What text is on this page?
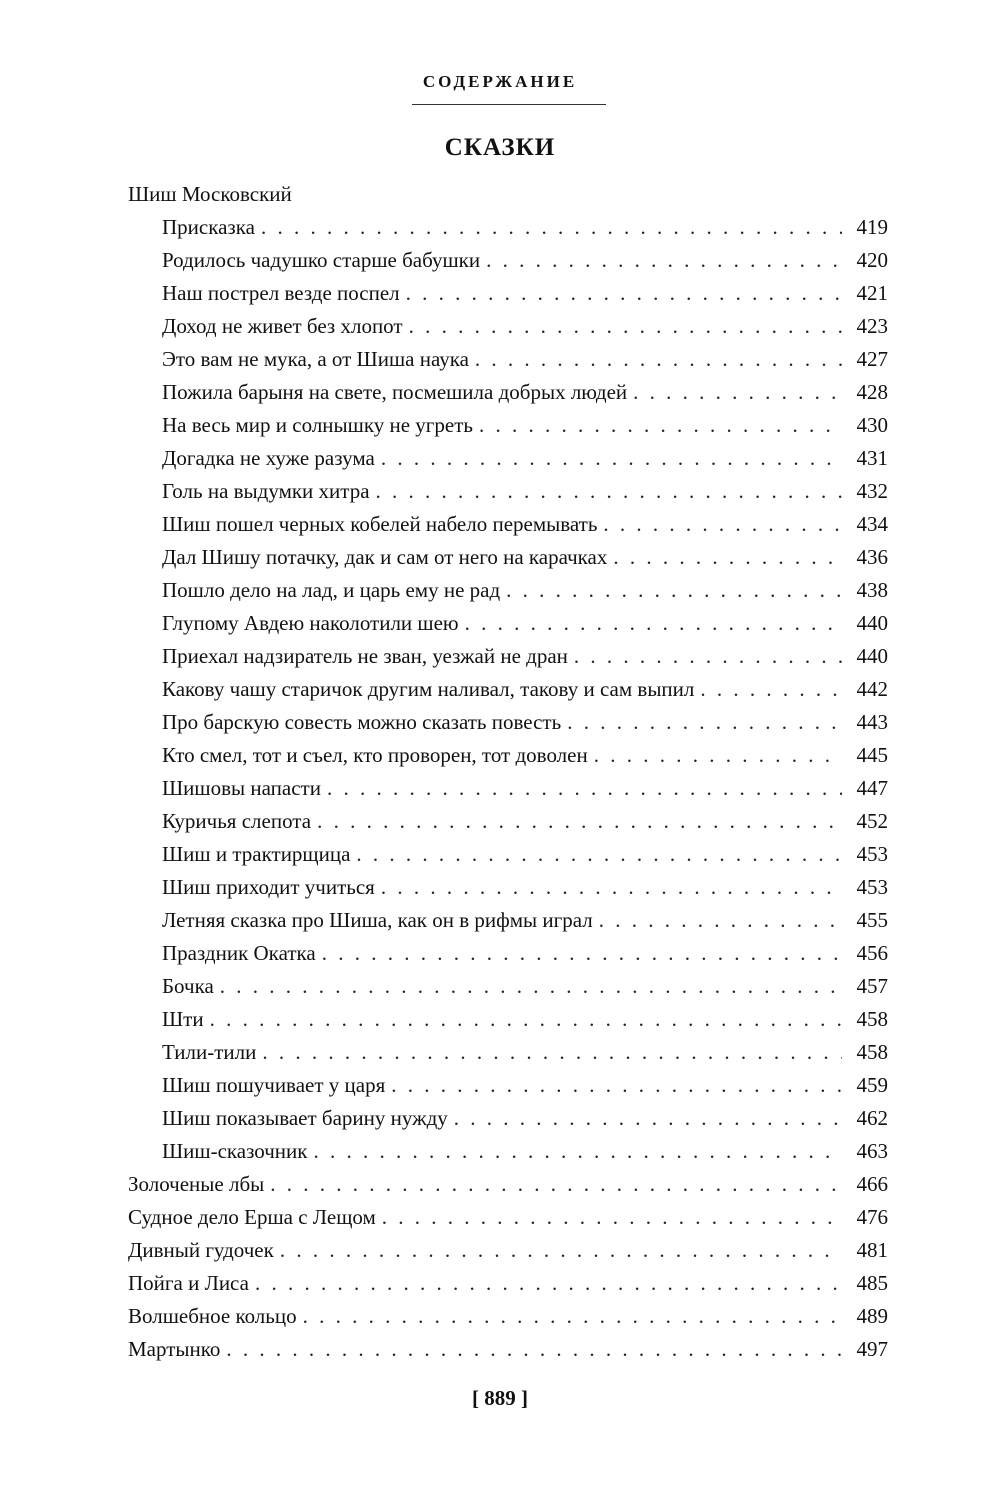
СОДЕРЖАНИЕ
СКАЗКИ
Шиш Московский
Присказка . . .	419
Родилось чадушко старше бабушки . . .	420
Наш пострел везде поспел . . .	421
Доход не живет без хлопот . . .	423
Это вам не мука, а от Шиша наука . . .	427
Пожила барыня на свете, посмешила добрых людей . . .	428
На весь мир и солнышку не угреть . . .	430
Догадка не хуже разума . . .	431
Голь на выдумки хитра . . .	432
Шиш пошел черных кобелей набело перемывать . . .	434
Дал Шишу потачку, дак и сам от него на карачках . . .	436
Пошло дело на лад, и царь ему не рад . . .	438
Глупому Авдею наколотили шею . . .	440
Приехал надзиратель не зван, уезжай не дран . . .	440
Какову чашу старичок другим наливал, такову и сам выпил . . .	442
Про барскую совесть можно сказать повесть . . .	443
Кто смел, тот и съел, кто проворен, тот доволен . . .	445
Шишовы напасти . . .	447
Куричья слепота . . .	452
Шиш и трактирщица . . .	453
Шиш приходит учиться . . .	453
Летняя сказка про Шиша, как он в рифмы играл . . .	455
Праздник Окатка . . .	456
Бочка . . .	457
Шти . . .	458
Тили-тили . . .	458
Шиш пошучивает у царя . . .	459
Шиш показывает барину нужду . . .	462
Шиш-сказочник . . .	463
Золоченые лбы . . .	466
Судное дело Ерша с Лещом . . .	476
Дивный гудочек . . .	481
Пойга и Лиса . . .	485
Волшебное кольцо . . .	489
Мартынко . . .	497
[ 889 ]
